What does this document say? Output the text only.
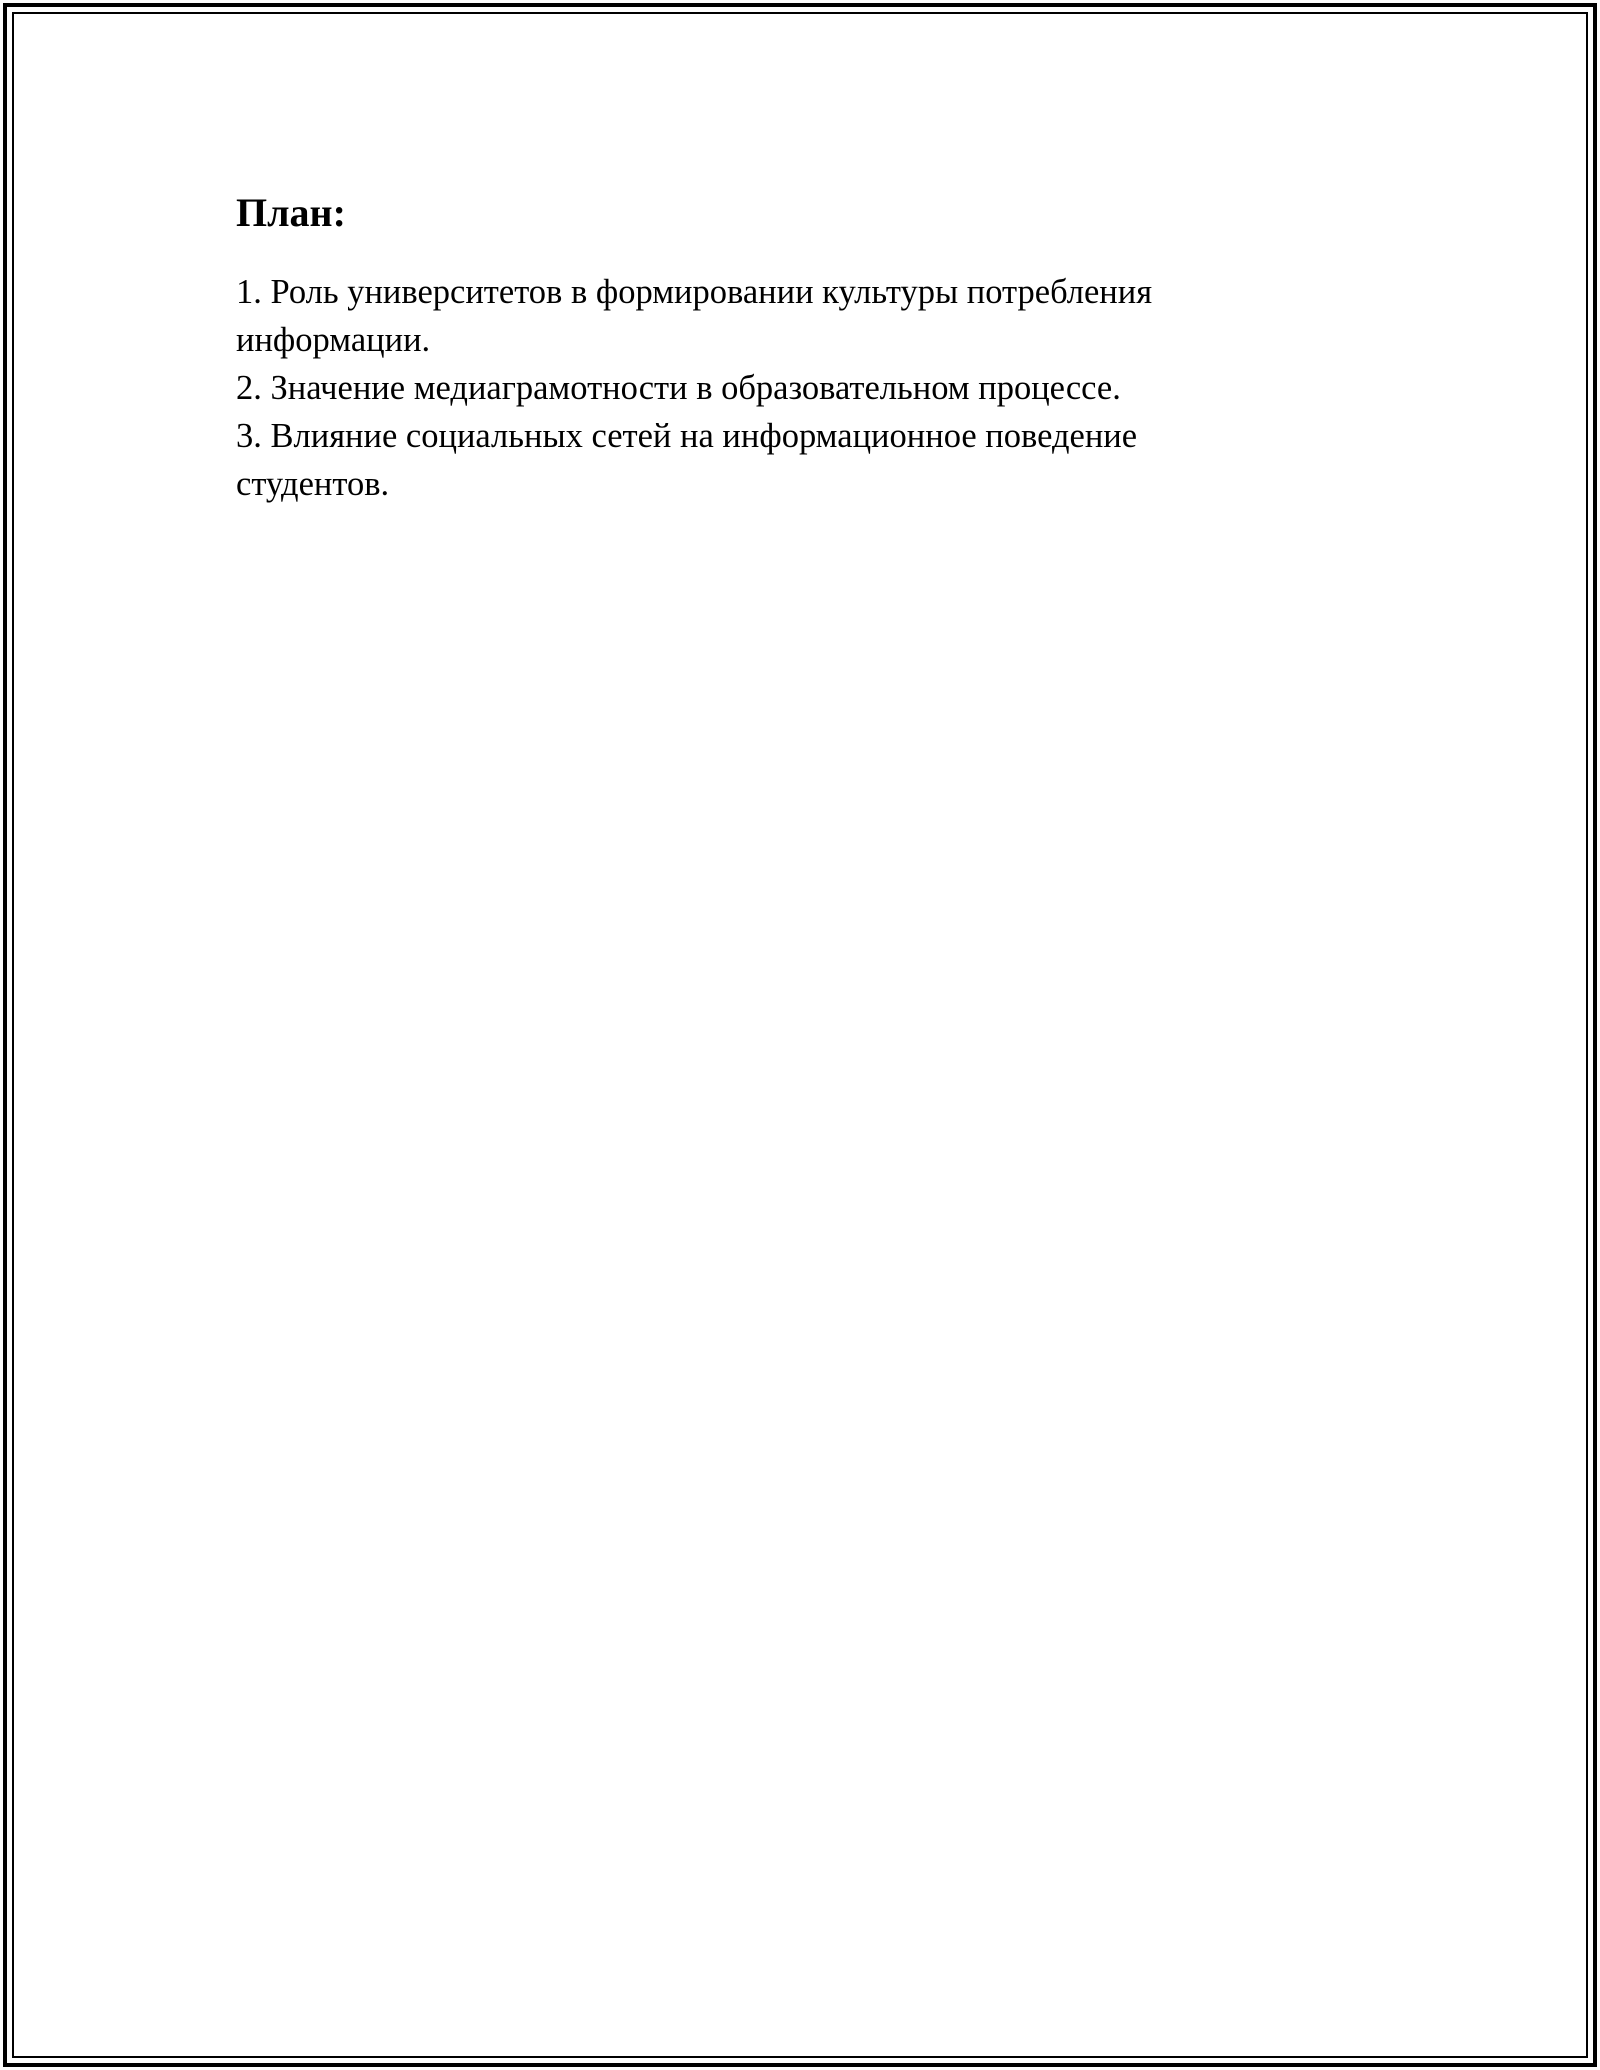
План:
1. Роль университетов в формировании культуры потребления информации.
2. Значение медиаграмотности в образовательном процессе.
3. Влияние социальных сетей на информационное поведение студентов.
